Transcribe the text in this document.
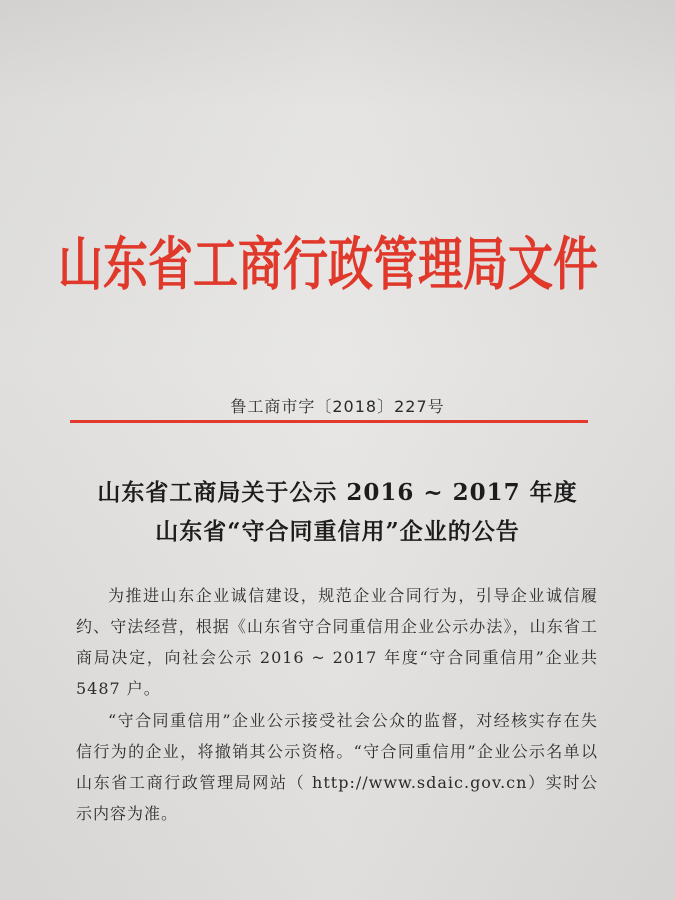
山东省工商行政管理局文件
鲁工商市字〔2018〕227号
山东省工商局关于公示 2016 ~ 2017 年度
山东省“守合同重信用”企业的公告
为推进山东企业诚信建设，规范企业合同行为，引导企业诚信履约、守法经营，根据《山东省守合同重信用企业公示办法》，山东省工商局决定，向社会公示 2016 ~ 2017 年度“守合同重信用”企业共 5487 户。
“守合同重信用”企业公示接受社会公众的监督，对经核实存在失信行为的企业，将撤销其公示资格。“守合同重信用”企业公示名单以山东省工商行政管理局网站（ http://www.sdaic.gov.cn）实时公示内容为准。
